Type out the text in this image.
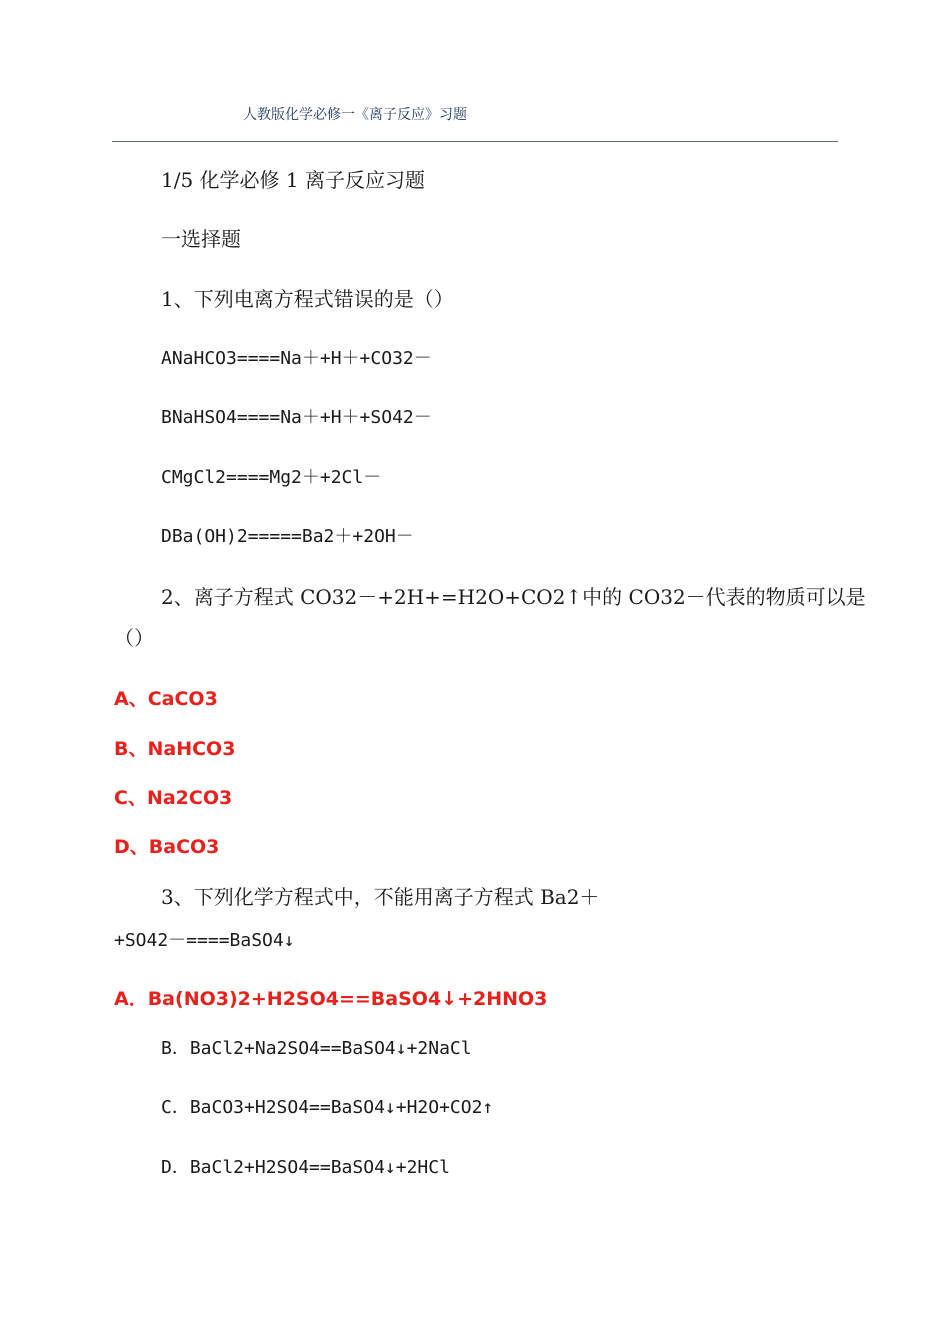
人教版化学必修一《离子反应》习题
1/5 化学必修 1 离子反应习题
一选择题
1、下列电离方程式错误的是（）
ANaHCO3====Na＋+H＋+CO32－
BNaHSO4====Na＋+H＋+SO42－
CMgCl2====Mg2＋+2Cl－
DBa(OH)2=====Ba2＋+2OH－
2、离子方程式 CO32－+2H+=H2O+CO2↑中的 CO32－代表的物质可以是
（）
A、CaCO3
B、NaHCO3
C、Na2CO3
D、BaCO3
3、下列化学方程式中，不能用离子方程式 Ba2＋
+SO42－====BaSO4↓
A．Ba(NO3)2+H2SO4==BaSO4↓+2HNO3
B．BaCl2+Na2SO4==BaSO4↓+2NaCl
C．BaCO3+H2SO4==BaSO4↓+H2O+CO2↑
D．BaCl2+H2SO4==BaSO4↓+2HCl
